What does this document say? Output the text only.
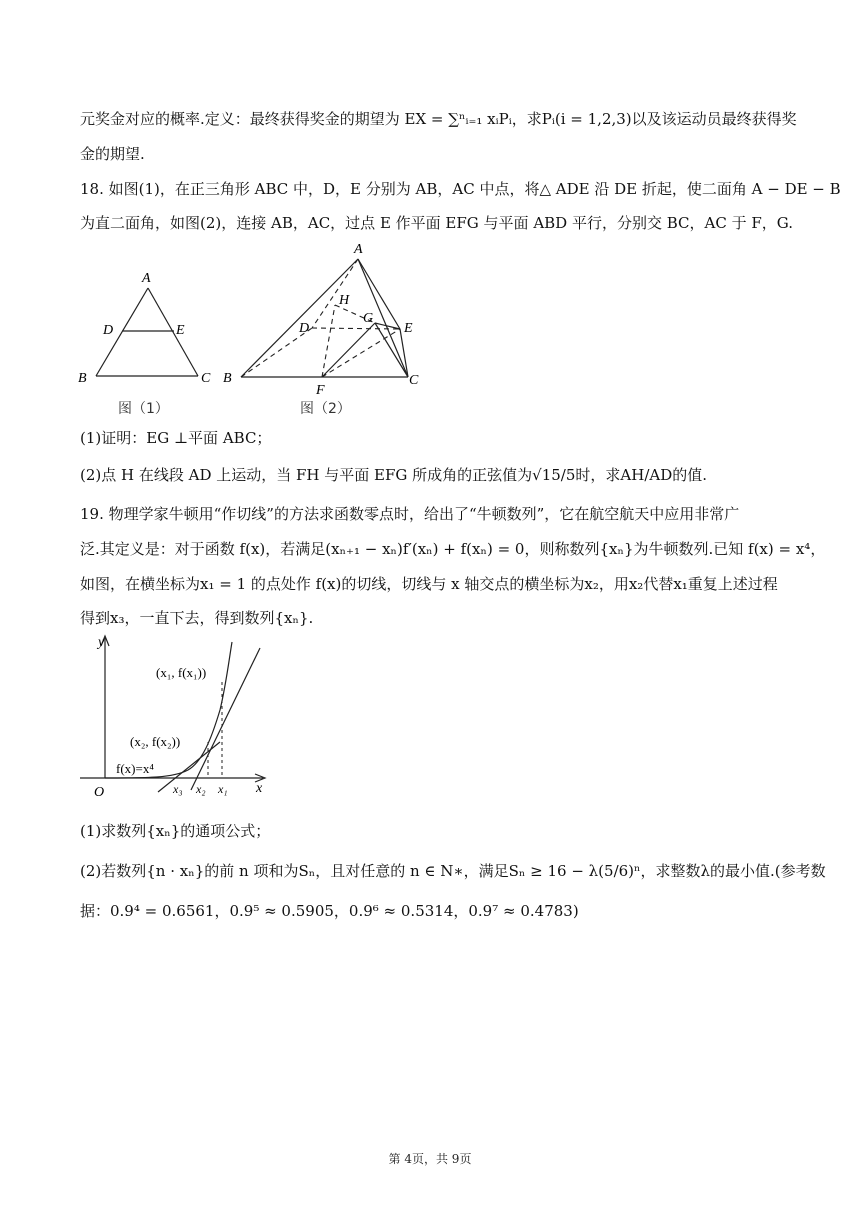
元奖金对应的概率.定义：最终获得奖金的期望为 EX = ∑ⁿᵢ₌₁ xᵢPᵢ，求Pᵢ(i = 1,2,3)以及该运动员最终获得奖
金的期望.
18. 如图(1)，在正三角形 ABC 中，D，E 分别为 AB，AC 中点，将△ ADE 沿 DE 折起，使二面角 A − DE − B
为直二面角，如图(2)，连接 AB，AC，过点 E 作平面 EFG 与平面 ABD 平行，分别交 BC，AC 于 F，G.
A
D	E
B	C
图（1）
A
H
D
G
E
B
F
C
图（2）
(1)证明：EG ⊥平面 ABC；
(2)点 H 在线段 AD 上运动，当 FH 与平面 EFG 所成角的正弦值为√15/5时，求AH/AD的值.
19. 物理学家牛顿用“作切线”的方法求函数零点时，给出了“牛顿数列”，它在航空航天中应用非常广
泛.其定义是：对于函数 f(x)，若满足(xₙ₊₁ − xₙ)f′(xₙ) + f(xₙ) = 0，则称数列{xₙ}为牛顿数列.已知 f(x) = x⁴，
如图，在横坐标为x₁ = 1 的点处作 f(x)的切线，切线与 x 轴交点的横坐标为x₂，用x₂代替x₁重复上述过程
得到x₃，一直下去，得到数列{xₙ}.
y
x
O
(x₁, f(x₁))
(x₂, f(x₂))
f(x)=x⁴
x₃ x₂ x₁
(1)求数列{xₙ}的通项公式；
(2)若数列{n · xₙ}的前 n 项和为Sₙ，且对任意的 n ∈ N∗，满足Sₙ ≥ 16 − λ(5/6)ⁿ，求整数λ的最小值.(参考数
据：0.9⁴ = 0.6561，0.9⁵ ≈ 0.5905，0.9⁶ ≈ 0.5314，0.9⁷ ≈ 0.4783)
第 4页，共 9页
